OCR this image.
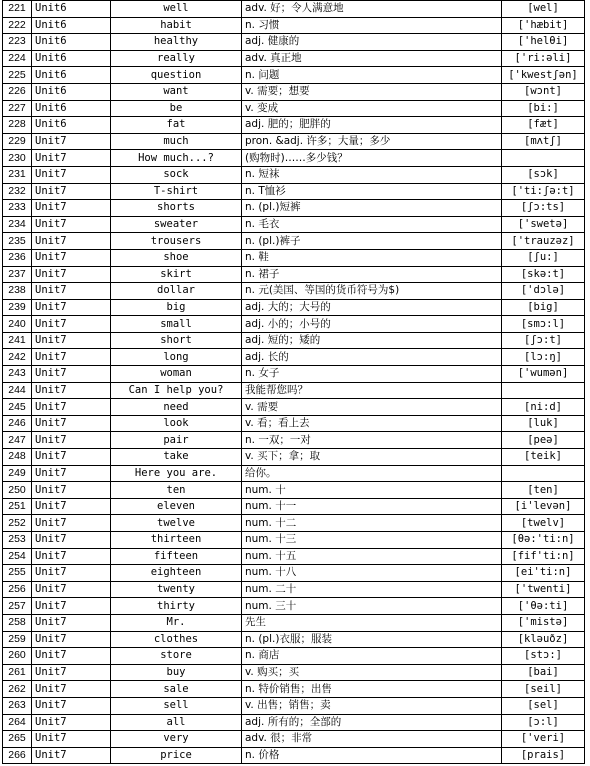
221	Unit6	well	adv. 好；令人满意地	[wel]
222	Unit6	habit	n. 习惯	['hæbit]
223	Unit6	healthy	adj. 健康的	['helθi]
224	Unit6	really	adv. 真正地	['ri:əli]
225	Unit6	question	n. 问题	['kwestʃən]
226	Unit6	want	v. 需要；想要	[wɔnt]
227	Unit6	be	v. 变成	[bi:]
228	Unit6	fat	adj. 肥的；肥胖的	[fæt]
229	Unit7	much	pron. &adj. 许多；大量；多少	[mʌtʃ]
230	Unit7	How much...?	(购物时)……多少钱？	
231	Unit7	sock	n. 短袜	[sɔk]
232	Unit7	T-shirt	n. T恤衫	['ti:ʃə:t]
233	Unit7	shorts	n. (pl.)短裤	[ʃɔ:ts]
234	Unit7	sweater	n. 毛衣	['swetə]
235	Unit7	trousers	n. (pl.)裤子	['trauzəz]
236	Unit7	shoe	n. 鞋	[ʃu:]
237	Unit7	skirt	n. 裙子	[skə:t]
238	Unit7	dollar	n. 元(美国、等国的货币符号为$)	['dɔlə]
239	Unit7	big	adj. 大的；大号的	[big]
240	Unit7	small	adj. 小的；小号的	[smɔ:l]
241	Unit7	short	adj. 短的；矮的	[ʃɔ:t]
242	Unit7	long	adj. 长的	[lɔ:ŋ]
243	Unit7	woman	n. 女子	['wumən]
244	Unit7	Can I help you?	我能帮您吗？	
245	Unit7	need	v. 需要	[ni:d]
246	Unit7	look	v. 看；看上去	[luk]
247	Unit7	pair	n. 一双；一对	[peə]
248	Unit7	take	v. 买下；拿；取	[teik]
249	Unit7	Here you are.	给你。	
250	Unit7	ten	num. 十	[ten]
251	Unit7	eleven	num. 十一	[i'levən]
252	Unit7	twelve	num. 十二	[twelv]
253	Unit7	thirteen	num. 十三	[θə:'ti:n]
254	Unit7	fifteen	num. 十五	[fif'ti:n]
255	Unit7	eighteen	num. 十八	[ei'ti:n]
256	Unit7	twenty	num. 二十	['twenti]
257	Unit7	thirty	num. 三十	['θə:ti]
258	Unit7	Mr.	先生	['mistə]
259	Unit7	clothes	n. (pl.)衣服；服装	[kləuðz]
260	Unit7	store	n. 商店	[stɔ:]
261	Unit7	buy	v. 购买；买	[bai]
262	Unit7	sale	n. 特价销售；出售	[seil]
263	Unit7	sell	v. 出售；销售；卖	[sel]
264	Unit7	all	adj. 所有的；全部的	[ɔ:l]
265	Unit7	very	adv. 很；非常	['veri]
266	Unit7	price	n. 价格	[prais]
